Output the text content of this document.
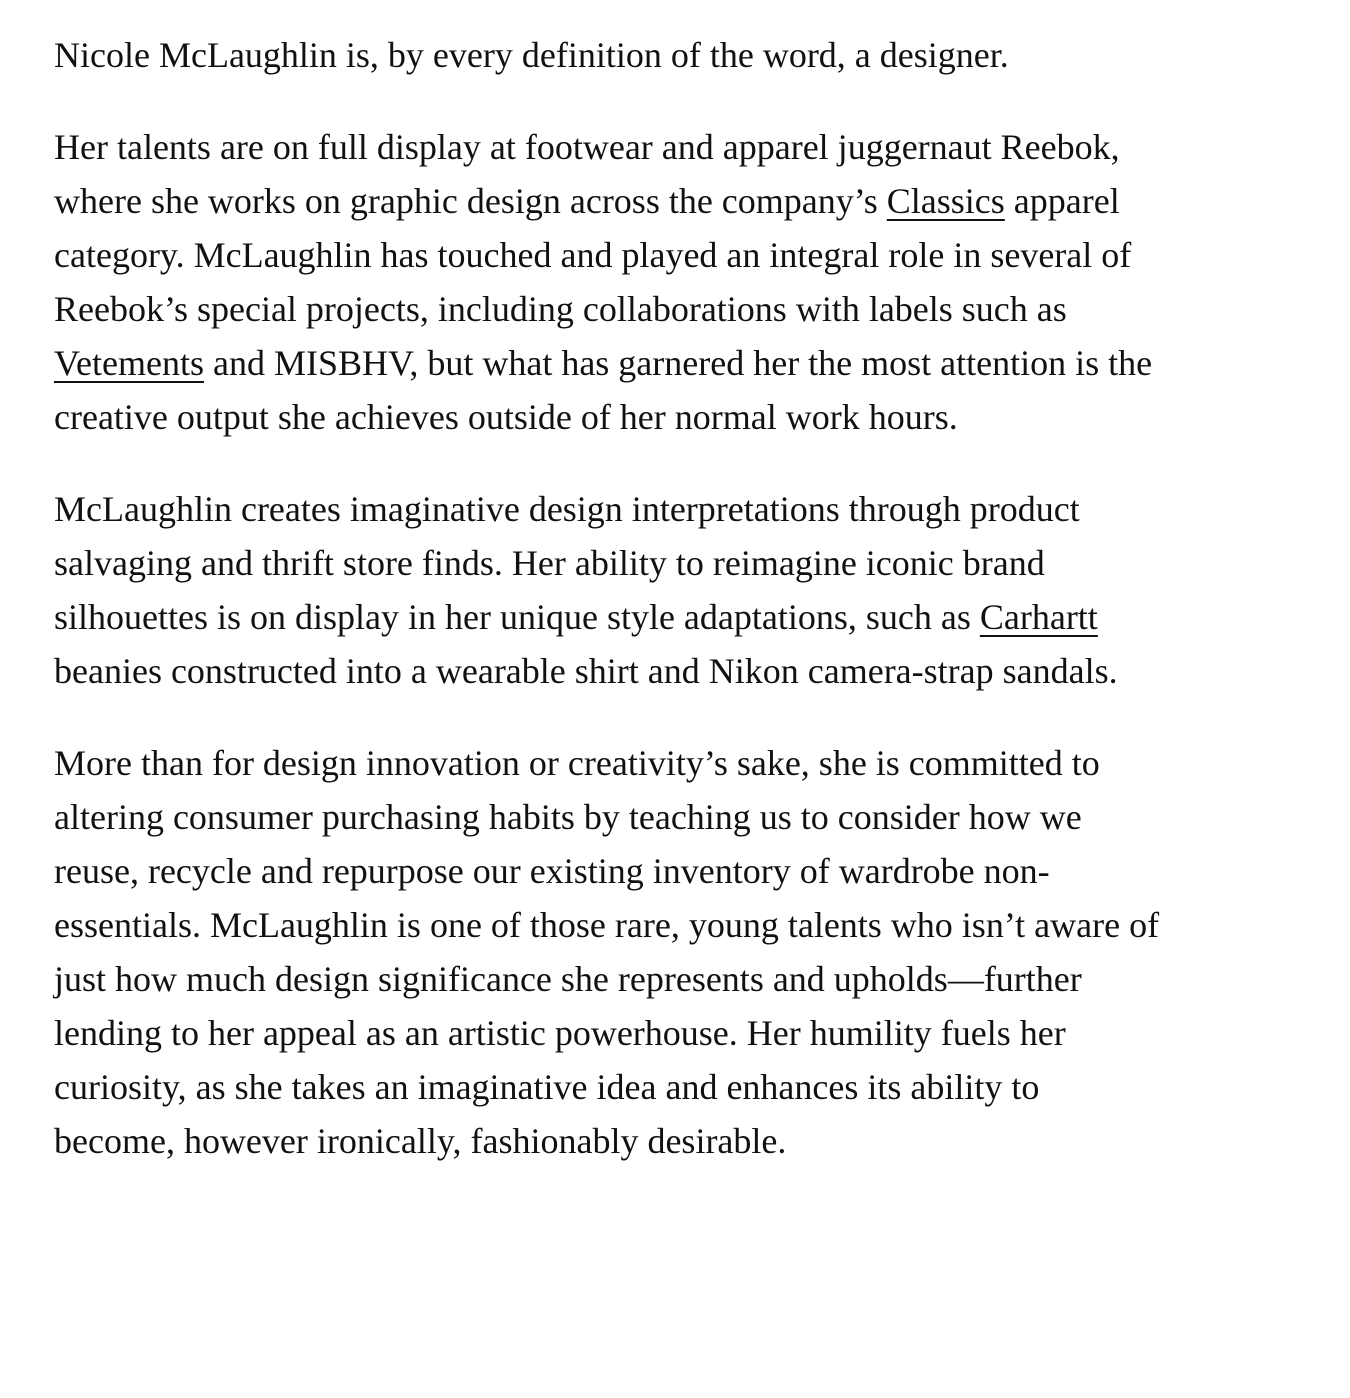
Nicole McLaughlin is, by every definition of the word, a designer.

Her talents are on full display at footwear and apparel juggernaut Reebok, where she works on graphic design across the company’s Classics apparel category. McLaughlin has touched and played an integral role in several of Reebok’s special projects, including collaborations with labels such as Vetements and MISBHV, but what has garnered her the most attention is the creative output she achieves outside of her normal work hours.

McLaughlin creates imaginative design interpretations through product salvaging and thrift store finds. Her ability to reimagine iconic brand silhouettes is on display in her unique style adaptations, such as Carhartt beanies constructed into a wearable shirt and Nikon camera-strap sandals.

More than for design innovation or creativity’s sake, she is committed to altering consumer purchasing habits by teaching us to consider how we reuse, recycle and repurpose our existing inventory of wardrobe non-essentials. McLaughlin is one of those rare, young talents who isn’t aware of just how much design significance she represents and upholds—further lending to her appeal as an artistic powerhouse. Her humility fuels her curiosity, as she takes an imaginative idea and enhances its ability to become, however ironically, fashionably desirable.
